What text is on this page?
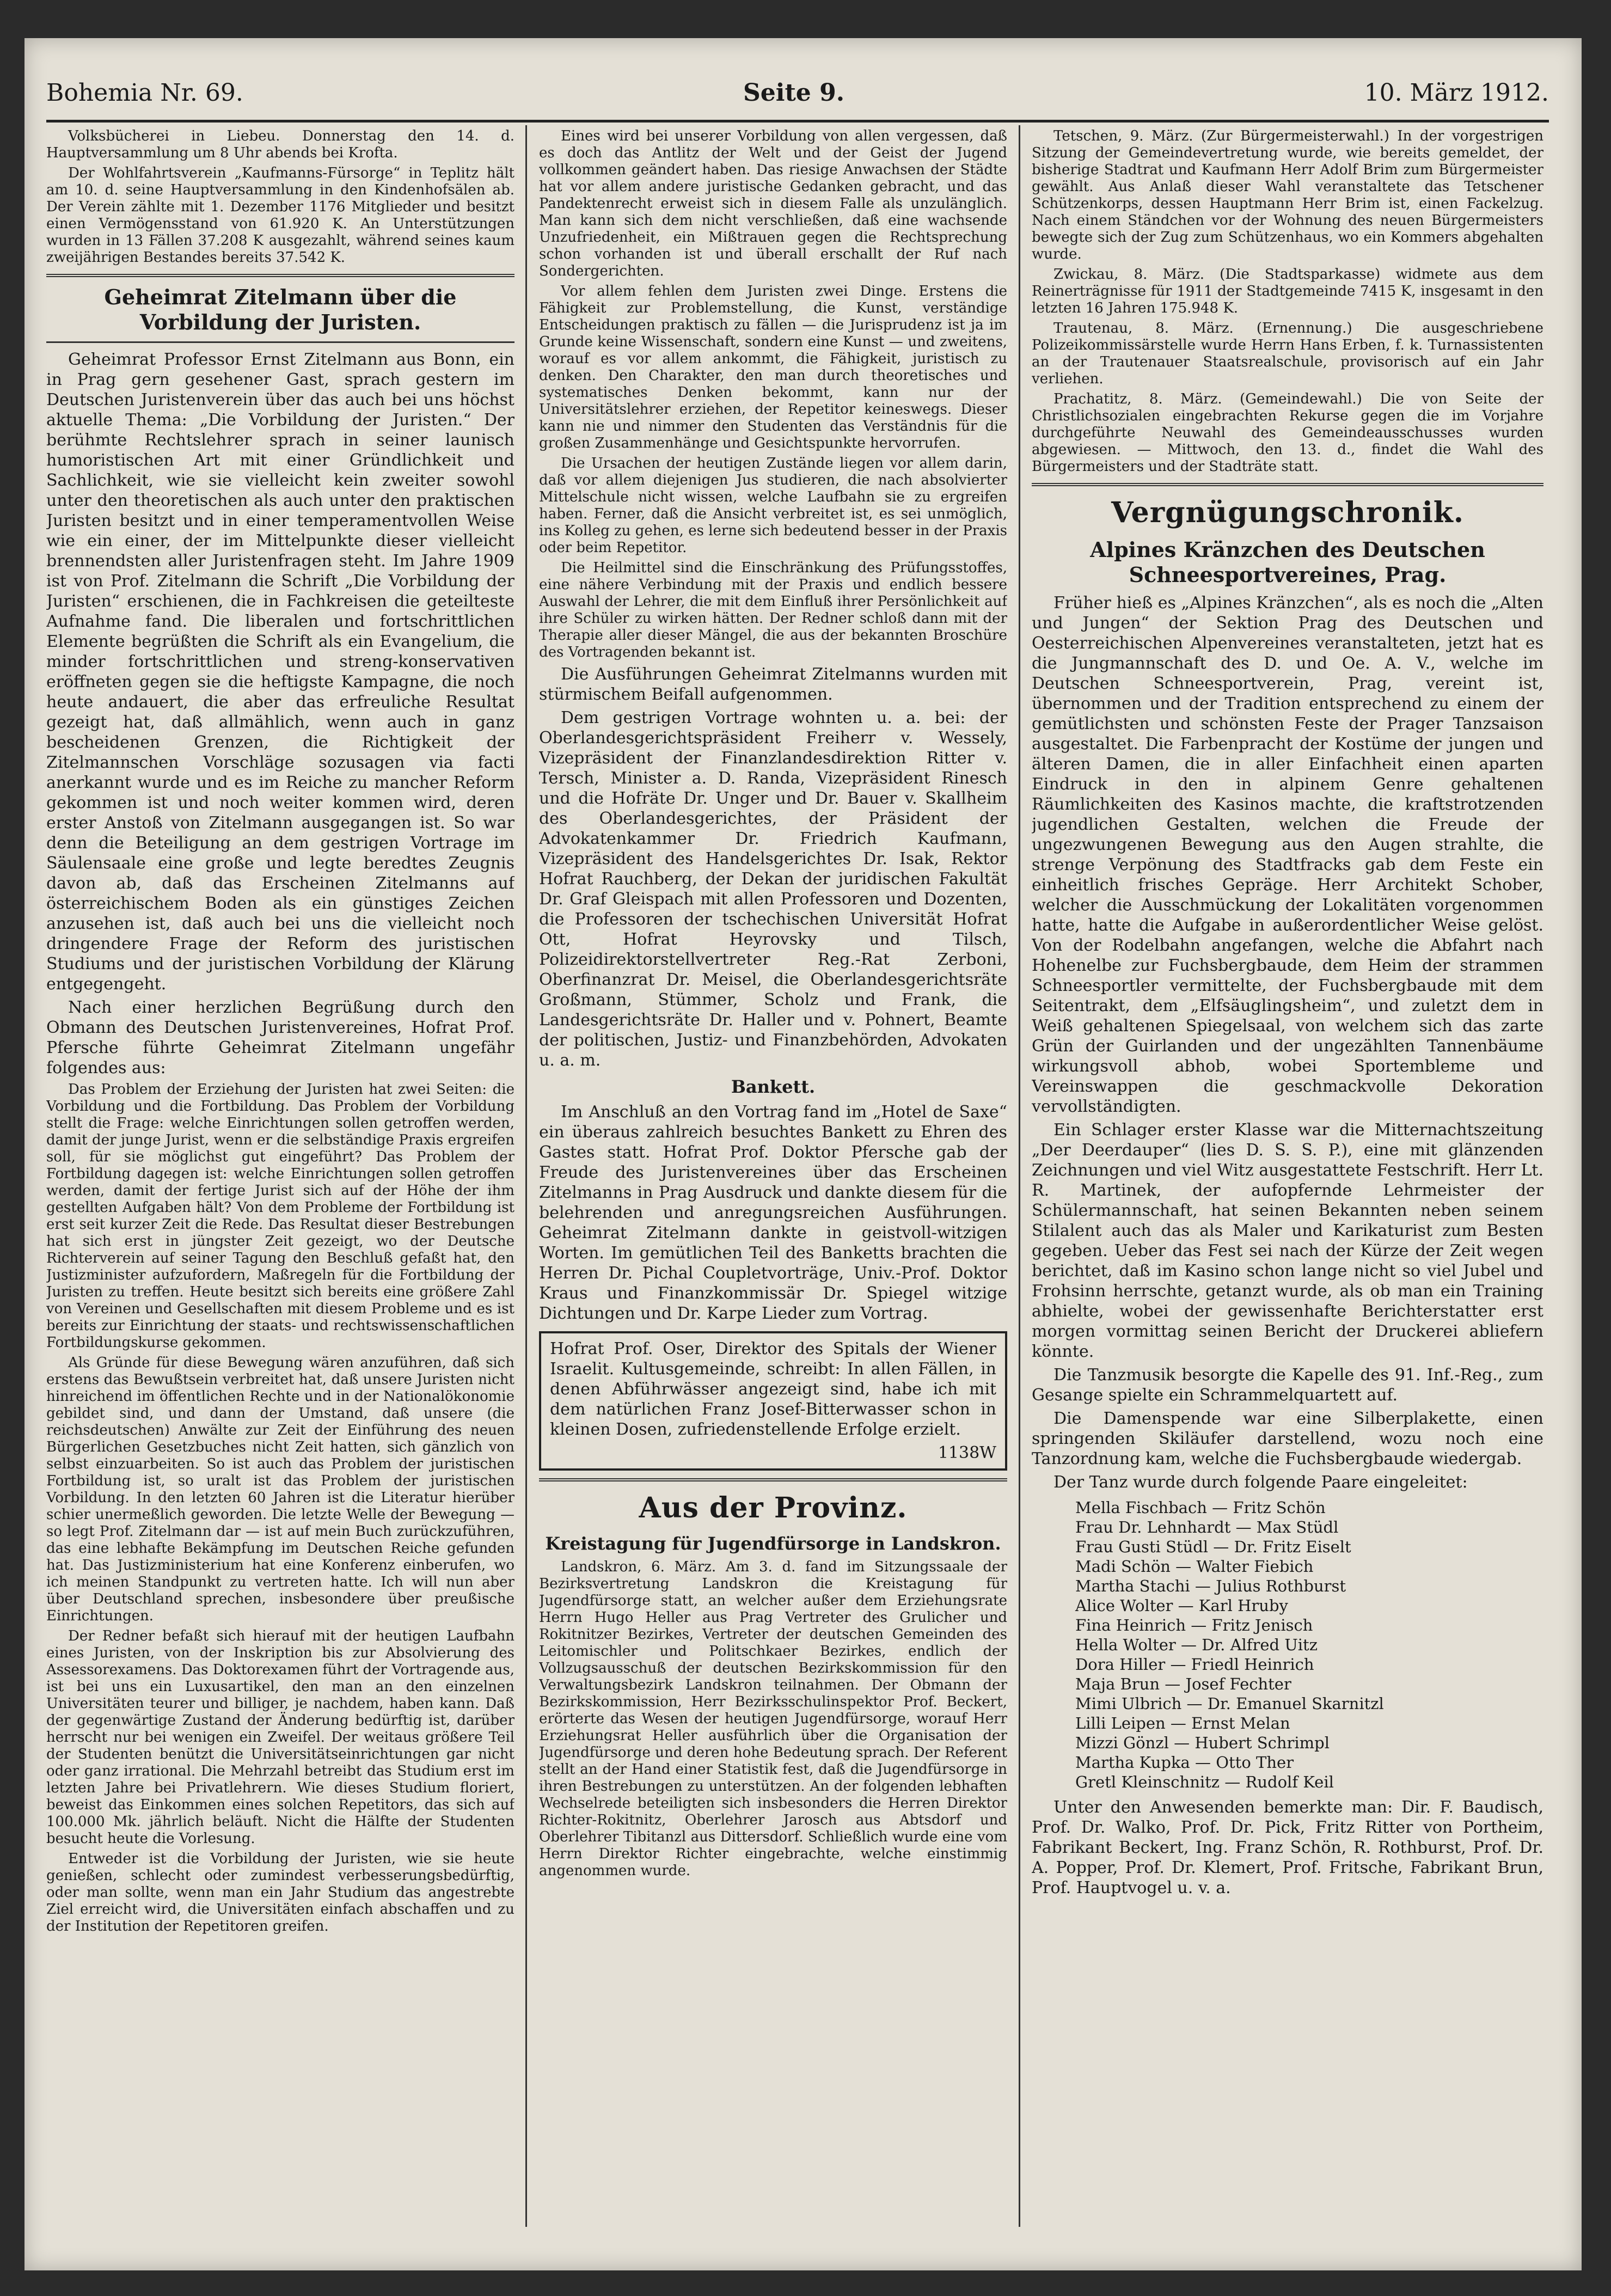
Bohemia Nr. 69.	Seite 9.	10. März 1912.

Volksbücherei in Liebeu. Donnerstag den 14. d. Hauptversammlung um 8 Uhr abends bei Krofta.

Der Wohlfahrtsverein „Kaufmanns-Fürsorge“ in Teplitz hält am 10. d. seine Hauptversammlung in den Kindenhofsälen ab. Der Verein zählte mit 1. Dezember 1176 Mitglieder und besitzt einen Vermögensstand von 61.920 K. An Unterstützungen wurden in 13 Fällen 37.208 K ausgezahlt, während seines kaum zweijährigen Bestandes bereits 37.542 K.

Geheimrat Zitelmann über die Vorbildung der Juristen.

Geheimrat Professor Ernst Zitelmann aus Bonn, ein in Prag gern gesehener Gast, sprach gestern im Deutschen Juristenverein über das auch bei uns höchst aktuelle Thema: „Die Vorbildung der Juristen.“ Der berühmte Rechtslehrer sprach in seiner launisch humoristischen Art mit einer Gründlichkeit und Sachlichkeit, wie sie vielleicht kein zweiter sowohl unter den theoretischen als auch unter den praktischen Juristen besitzt und in einer temperamentvollen Weise wie ein einer, der im Mittelpunkte dieser vielleicht brennendsten aller Juristenfragen steht. Im Jahre 1909 ist von Prof. Zitelmann die Schrift „Die Vorbildung der Juristen“ erschienen, die in Fachkreisen die geteilteste Aufnahme fand. Die liberalen und fortschrittlichen Elemente begrüßten die Schrift als ein Evangelium, die minder fortschrittlichen und streng-konservativen eröffneten gegen sie die heftigste Kampagne, die noch heute andauert, die aber das erfreuliche Resultat gezeigt hat, daß allmählich, wenn auch in ganz bescheidenen Grenzen, die Richtigkeit der Zitelmannschen Vorschläge sozusagen via facti anerkannt wurde und es im Reiche zu mancher Reform gekommen ist und noch weiter kommen wird, deren erster Anstoß von Zitelmann ausgegangen ist. So war denn die Beteiligung an dem gestrigen Vortrage im Säulensaale eine große und legte beredtes Zeugnis davon ab, daß das Erscheinen Zitelmanns auf österreichischem Boden als ein günstiges Zeichen anzusehen ist, daß auch bei uns die vielleicht noch dringendere Frage der Reform des juristischen Studiums und der juristischen Vorbildung der Klärung entgegengeht.

Nach einer herzlichen Begrüßung durch den Obmann des Deutschen Juristenvereines, Hofrat Prof. Pfersche führte Geheimrat Zitelmann ungefähr folgendes aus:

Das Problem der Erziehung der Juristen hat zwei Seiten: die Vorbildung und die Fortbildung. Das Problem der Vorbildung stellt die Frage: welche Einrichtungen sollen getroffen werden, damit der junge Jurist, wenn er die selbständige Praxis ergreifen soll, für sie möglichst gut eingeführt? Das Problem der Fortbildung dagegen ist: welche Einrichtungen sollen getroffen werden, damit der fertige Jurist sich auf der Höhe der ihm gestellten Aufgaben hält? Von dem Probleme der Fortbildung ist erst seit kurzer Zeit die Rede. Das Resultat dieser Bestrebungen hat sich erst in jüngster Zeit gezeigt, wo der Deutsche Richterverein auf seiner Tagung den Beschluß gefaßt hat, den Justizminister aufzufordern, Maßregeln für die Fortbildung der Juristen zu treffen. Heute besitzt sich bereits eine größere Zahl von Vereinen und Gesellschaften mit diesem Probleme und es ist bereits zur Einrichtung der staats- und rechtswissenschaftlichen Fortbildungskurse gekommen.

Als Gründe für diese Bewegung wären anzuführen, daß sich erstens das Bewußtsein verbreitet hat, daß unsere Juristen nicht hinreichend im öffentlichen Rechte und in der Nationalökonomie gebildet sind, und dann der Umstand, daß unsere (die reichsdeutschen) Anwälte zur Zeit der Einführung des neuen Bürgerlichen Gesetzbuches nicht Zeit hatten, sich gänzlich von selbst einzuarbeiten. So ist auch das Problem der juristischen Fortbildung ist, so uralt ist das Problem der juristischen Vorbildung. In den letzten 60 Jahren ist die Literatur hierüber schier unermeßlich geworden. Die letzte Welle der Bewegung — so legt Prof. Zitelmann dar — ist auf mein Buch zurückzuführen, das eine lebhafte Bekämpfung im Deutschen Reiche gefunden hat. Das Justizministerium hat eine Konferenz einberufen, wo ich meinen Standpunkt zu vertreten hatte. Ich will nun aber über Deutschland sprechen, insbesondere über preußische Einrichtungen.

Der Redner befaßt sich hierauf mit der heutigen Laufbahn eines Juristen, von der Inskription bis zur Absolvierung des Assessorexamens. Das Doktorexamen führt der Vortragende aus, ist bei uns ein Luxusartikel, den man an den einzelnen Universitäten teurer und billiger, je nachdem, haben kann. Daß der gegenwärtige Zustand der Änderung bedürftig ist, darüber herrscht nur bei wenigen ein Zweifel. Der weitaus größere Teil der Studenten benützt die Universitätseinrichtungen gar nicht oder ganz irrational. Die Mehrzahl betreibt das Studium erst im letzten Jahre bei Privatlehrern. Wie dieses Studium floriert, beweist das Einkommen eines solchen Repetitors, das sich auf 100.000 Mk. jährlich beläuft. Nicht die Hälfte der Studenten besucht heute die Vorlesung.

Entweder ist die Vorbildung der Juristen, wie sie heute genießen, schlecht oder zumindest verbesserungsbedürftig, oder man sollte, wenn man ein Jahr Studium das angestrebte Ziel erreicht wird, die Universitäten einfach abschaffen und zu der Institution der Repetitoren greifen.

Eines wird bei unserer Vorbildung von allen vergessen, daß es doch das Antlitz der Welt und der Geist der Jugend vollkommen geändert haben. Das riesige Anwachsen der Städte hat vor allem andere juristische Gedanken gebracht, und das Pandektenrecht erweist sich in diesem Falle als unzulänglich. Man kann sich dem nicht verschließen, daß eine wachsende Unzufriedenheit, ein Mißtrauen gegen die Rechtsprechung schon vorhanden ist und überall erschallt der Ruf nach Sondergerichten.

Vor allem fehlen dem Juristen zwei Dinge. Erstens die Fähigkeit zur Problemstellung, die Kunst, verständige Entscheidungen praktisch zu fällen — die Jurisprudenz ist ja im Grunde keine Wissenschaft, sondern eine Kunst — und zweitens, worauf es vor allem ankommt, die Fähigkeit, juristisch zu denken. Den Charakter, den man durch theoretisches und systematisches Denken bekommt, kann nur der Universitätslehrer erziehen, der Repetitor keineswegs. Dieser kann nie und nimmer den Studenten das Verständnis für die großen Zusammenhänge und Gesichtspunkte hervorrufen.

Die Ursachen der heutigen Zustände liegen vor allem darin, daß vor allem diejenigen Jus studieren, die nach absolvierter Mittelschule nicht wissen, welche Laufbahn sie zu ergreifen haben. Ferner, daß die Ansicht verbreitet ist, es sei unmöglich, ins Kolleg zu gehen, es lerne sich bedeutend besser in der Praxis oder beim Repetitor.

Die Heilmittel sind die Einschränkung des Prüfungsstoffes, eine nähere Verbindung mit der Praxis und endlich bessere Auswahl der Lehrer, die mit dem Einfluß ihrer Persönlichkeit auf ihre Schüler zu wirken hätten. Der Redner schloß dann mit der Therapie aller dieser Mängel, die aus der bekannten Broschüre des Vortragenden bekannt ist.

Die Ausführungen Geheimrat Zitelmanns wurden mit stürmischem Beifall aufgenommen.

Dem gestrigen Vortrage wohnten u. a. bei: der Oberlandesgerichtspräsident Freiherr v. Wessely, Vizepräsident der Finanzlandesdirektion Ritter v. Tersch, Minister a. D. Randa, Vizepräsident Rinesch und die Hofräte Dr. Unger und Dr. Bauer v. Skallheim des Oberlandesgerichtes, der Präsident der Advokatenkammer Dr. Friedrich Kaufmann, Vizepräsident des Handelsgerichtes Dr. Isak, Rektor Hofrat Rauchberg, der Dekan der juridischen Fakultät Dr. Graf Gleispach mit allen Professoren und Dozenten, die Professoren der tschechischen Universität Hofrat Ott, Hofrat Heyrovsky und Tilsch, Polizeidirektorstellvertreter Reg.-Rat Zerboni, Oberfinanzrat Dr. Meisel, die Oberlandesgerichtsräte Großmann, Stümmer, Scholz und Frank, die Landesgerichtsräte Dr. Haller und v. Pohnert, Beamte der politischen, Justiz- und Finanzbehörden, Advokaten u. a. m.

Bankett.

Im Anschluß an den Vortrag fand im „Hotel de Saxe“ ein überaus zahlreich besuchtes Bankett zu Ehren des Gastes statt. Hofrat Prof. Doktor Pfersche gab der Freude des Juristenvereines über das Erscheinen Zitelmanns in Prag Ausdruck und dankte diesem für die belehrenden und anregungsreichen Ausführungen. Geheimrat Zitelmann dankte in geistvoll-witzigen Worten. Im gemütlichen Teil des Banketts brachten die Herren Dr. Pichal Coupletvorträge, Univ.-Prof. Doktor Kraus und Finanzkommissär Dr. Spiegel witzige Dichtungen und Dr. Karpe Lieder zum Vortrag.

Hofrat Prof. Oser, Direktor des Spitals der Wiener Israelit. Kultusgemeinde, schreibt: In allen Fällen, in denen Abführwässer angezeigt sind, habe ich mit dem natürlichen Franz Josef-Bitterwasser schon in kleinen Dosen, zufriedenstellende Erfolge erzielt.

1138W
Aus der Provinz.
Kreistagung für Jugendfürsorge in Landskron.

Landskron, 6. März. Am 3. d. fand im Sitzungssaale der Bezirksvertretung Landskron die Kreistagung für Jugendfürsorge statt, an welcher außer dem Erziehungsrate Herrn Hugo Heller aus Prag Vertreter des Grulicher und Rokitnitzer Bezirkes, Vertreter der deutschen Gemeinden des Leitomischler und Politschkaer Bezirkes, endlich der Vollzugsausschuß der deutschen Bezirkskommission für den Verwaltungsbezirk Landskron teilnahmen. Der Obmann der Bezirkskommission, Herr Bezirksschulinspektor Prof. Beckert, erörterte das Wesen der heutigen Jugendfürsorge, worauf Herr Erziehungsrat Heller ausführlich über die Organisation der Jugendfürsorge und deren hohe Bedeutung sprach. Der Referent stellt an der Hand einer Statistik fest, daß die Jugendfürsorge in ihren Bestrebungen zu unterstützen. An der folgenden lebhaften Wechselrede beteiligten sich insbesonders die Herren Direktor Richter-Rokitnitz, Oberlehrer Jarosch aus Abtsdorf und Oberlehrer Tibitanzl aus Dittersdorf. Schließlich wurde eine vom Herrn Direktor Richter eingebrachte, welche einstimmig angenommen wurde.

Tetschen, 9. März. (Zur Bürgermeisterwahl.) In der vorgestrigen Sitzung der Gemeindevertretung wurde, wie bereits gemeldet, der bisherige Stadtrat und Kaufmann Herr Adolf Brim zum Bürgermeister gewählt. Aus Anlaß dieser Wahl veranstaltete das Tetschener Schützenkorps, dessen Hauptmann Herr Brim ist, einen Fackelzug. Nach einem Ständchen vor der Wohnung des neuen Bürgermeisters bewegte sich der Zug zum Schützenhaus, wo ein Kommers abgehalten wurde.

Zwickau, 8. März. (Die Stadtsparkasse) widmete aus dem Reinerträgnisse für 1911 der Stadtgemeinde 7415 K, insgesamt in den letzten 16 Jahren 175.948 K.

Trautenau, 8. März. (Ernennung.) Die ausgeschriebene Polizeikommissärstelle wurde Herrn Hans Erben, f. k. Turnassistenten an der Trautenauer Staatsrealschule, provisorisch auf ein Jahr verliehen.

Prachatitz, 8. März. (Gemeindewahl.) Die von Seite der Christlichsozialen eingebrachten Rekurse gegen die im Vorjahre durchgeführte Neuwahl des Gemeindeausschusses wurden abgewiesen. — Mittwoch, den 13. d., findet die Wahl des Bürgermeisters und der Stadträte statt.

Vergnügungschronik.
Alpines Kränzchen des Deutschen Schneesportvereines, Prag.

Früher hieß es „Alpines Kränzchen“, als es noch die „Alten und Jungen“ der Sektion Prag des Deutschen und Oesterreichischen Alpenvereines veranstalteten, jetzt hat es die Jungmannschaft des D. und Oe. A. V., welche im Deutschen Schneesportverein, Prag, vereint ist, übernommen und der Tradition entsprechend zu einem der gemütlichsten und schönsten Feste der Prager Tanzsaison ausgestaltet. Die Farbenpracht der Kostüme der jungen und älteren Damen, die in aller Einfachheit einen aparten Eindruck in den in alpinem Genre gehaltenen Räumlichkeiten des Kasinos machte, die kraftstrotzenden jugendlichen Gestalten, welchen die Freude der ungezwungenen Bewegung aus den Augen strahlte, die strenge Verpönung des Stadtfracks gab dem Feste ein einheitlich frisches Gepräge. Herr Architekt Schober, welcher die Ausschmückung der Lokalitäten vorgenommen hatte, hatte die Aufgabe in außerordentlicher Weise gelöst. Von der Rodelbahn angefangen, welche die Abfahrt nach Hohenelbe zur Fuchsbergbaude, dem Heim der strammen Schneesportler vermittelte, der Fuchsbergbaude mit dem Seitentrakt, dem „Elfsäuglingsheim“, und zuletzt dem in Weiß gehaltenen Spiegelsaal, von welchem sich das zarte Grün der Guirlanden und der ungezählten Tannenbäume wirkungsvoll abhob, wobei Sportembleme und Vereinswappen die geschmackvolle Dekoration vervollständigten.

Ein Schlager erster Klasse war die Mitternachtszeitung „Der Deerdauper“ (lies D. S. S. P.), eine mit glänzenden Zeichnungen und viel Witz ausgestattete Festschrift. Herr Lt. R. Martinek, der aufopfernde Lehrmeister der Schülermannschaft, hat seinen Bekannten neben seinem Stilalent auch das als Maler und Karikaturist zum Besten gegeben. Ueber das Fest sei nach der Kürze der Zeit wegen berichtet, daß im Kasino schon lange nicht so viel Jubel und Frohsinn herrschte, getanzt wurde, als ob man ein Training abhielte, wobei der gewissenhafte Berichterstatter erst morgen vormittag seinen Bericht der Druckerei abliefern könnte.

Die Tanzmusik besorgte die Kapelle des 91. Inf.-Reg., zum Gesange spielte ein Schrammelquartett auf.

Die Damenspende war eine Silberplakette, einen springenden Skiläufer darstellend, wozu noch eine Tanzordnung kam, welche die Fuchsbergbaude wiedergab.

Der Tanz wurde durch folgende Paare eingeleitet:

Mella Fischbach — Fritz Schön
Frau Dr. Lehnhardt — Max Stüdl
Frau Gusti Stüdl — Dr. Fritz Eiselt
Madi Schön — Walter Fiebich
Martha Stachi — Julius Rothburst
Alice Wolter — Karl Hruby
Fina Heinrich — Fritz Jenisch
Hella Wolter — Dr. Alfred Uitz
Dora Hiller — Friedl Heinrich
Maja Brun — Josef Fechter
Mimi Ulbrich — Dr. Emanuel Skarnitzl
Lilli Leipen — Ernst Melan
Mizzi Gönzl — Hubert Schrimpl
Martha Kupka — Otto Ther
Gretl Kleinschnitz — Rudolf Keil

Unter den Anwesenden bemerkte man: Dir. F. Baudisch, Prof. Dr. Walko, Prof. Dr. Pick, Fritz Ritter von Portheim, Fabrikant Beckert, Ing. Franz Schön, R. Rothburst, Prof. Dr. A. Popper, Prof. Dr. Klemert, Prof. Fritsche, Fabrikant Brun, Prof. Hauptvogel u. v. a.
